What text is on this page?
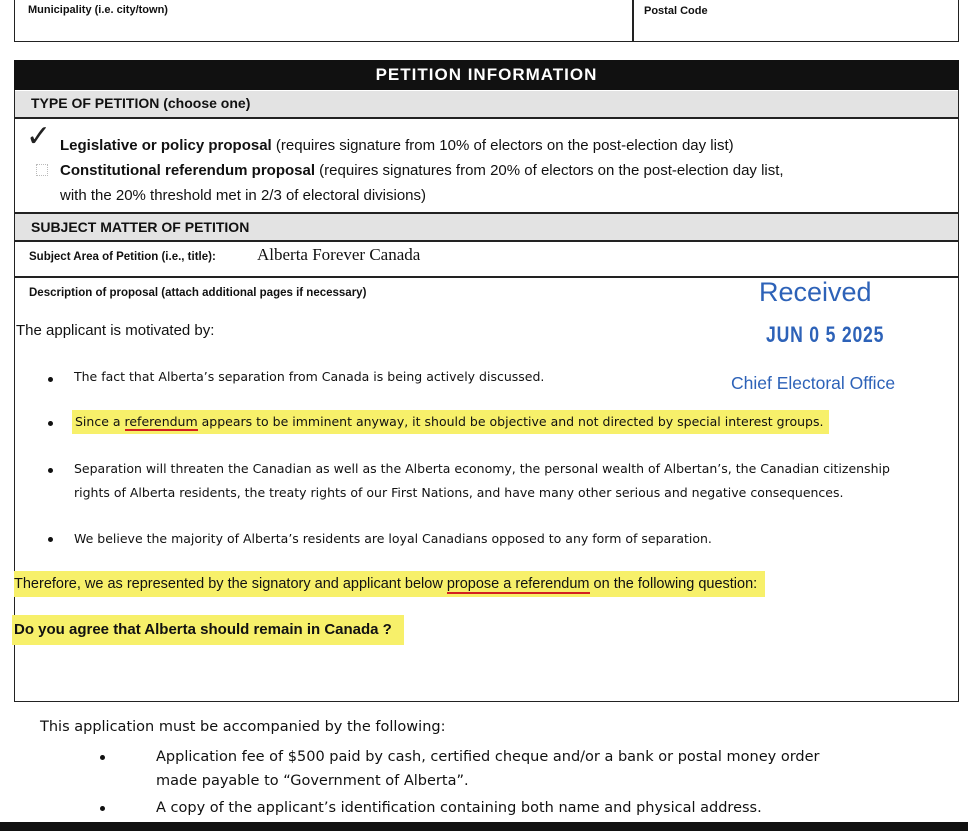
Municipality (i.e. city/town)	Postal Code
PETITION INFORMATION
TYPE OF PETITION (choose one)
✓ Legislative or policy proposal (requires signature from 10% of electors on the post-election day list)
Constitutional referendum proposal (requires signatures from 20% of electors on the post-election day list,
with the 20% threshold met in 2/3 of electoral divisions)
SUBJECT MATTER OF PETITION
Subject Area of Petition (i.e., title): Alberta Forever Canada
Description of proposal (attach additional pages if necessary)	Received
JUN 0 5 2025
Chief Electoral Office
The applicant is motivated by:
The fact that Alberta’s separation from Canada is being actively discussed.
Since a referendum appears to be imminent anyway, it should be objective and not directed by special interest groups.
Separation will threaten the Canadian as well as the Alberta economy, the personal wealth of Albertan’s, the Canadian citizenship
rights of Alberta residents, the treaty rights of our First Nations, and have many other serious and negative consequences.
We believe the majority of Alberta’s residents are loyal Canadians opposed to any form of separation.
Therefore, we as represented by the signatory and applicant below propose a referendum on the following question:
Do you agree that Alberta should remain in Canada ?
This application must be accompanied by the following:
Application fee of $500 paid by cash, certified cheque and/or a bank or postal money order
made payable to “Government of Alberta”.
A copy of the applicant’s identification containing both name and physical address.
